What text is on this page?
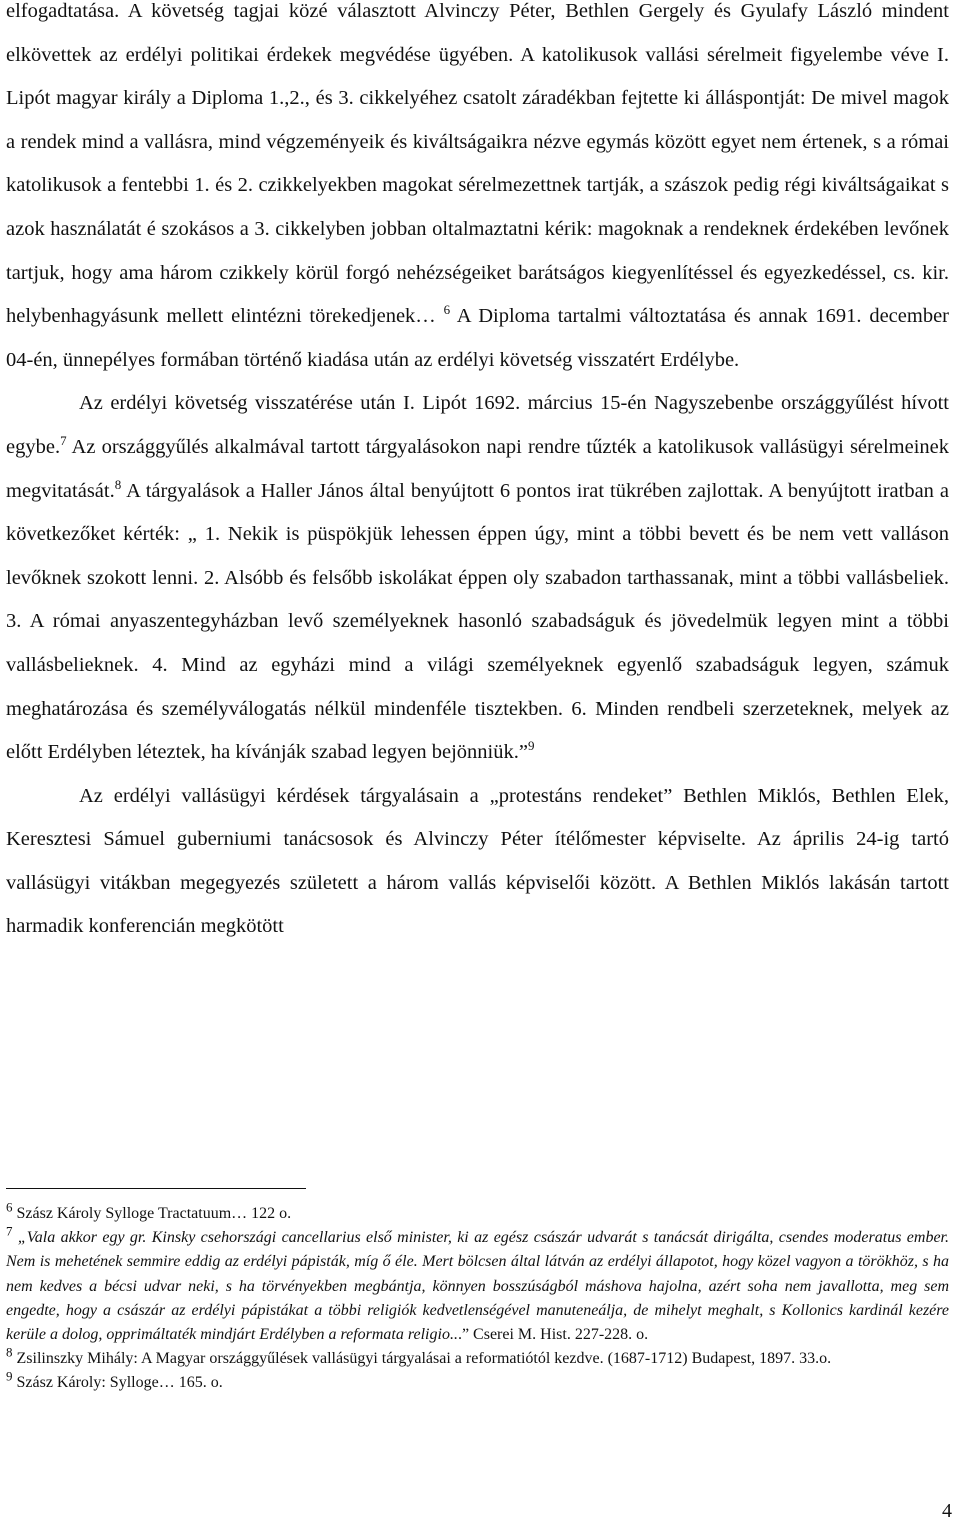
elfogadtatása. A követség tagjai közé választott Alvinczy Péter, Bethlen Gergely és Gyulafy László mindent elkövettek az erdélyi politikai érdekek megvédése ügyében. A katolikusok vallási sérelmeit figyelembe véve I. Lipót magyar király a Diploma 1.,2., és 3. cikkelyéhez csatolt záradékban fejtette ki álláspontját: De mivel magok a rendek mind a vallásra, mind végzeményeik és kiváltságaikra nézve egymás között egyet nem értenek, s a római katolikusok a fentebbi 1. és 2. czikkelyekben magokat sérelmezettnek tartják, a szászok pedig régi kiváltságaikat s azok használatát é szokásos a 3. cikkelyben jobban oltalmaztatni kérik: magoknak a rendeknek érdekében levőnek tartjuk, hogy ama három czikkely körül forgó nehézségeiket barátságos kiegyenlítéssel és egyezkedéssel, cs. kir. helybenhagyásunk mellett elintézni törekedjenek… $^6$ A Diploma tartalmi változtatása és annak 1691. december 04-én, ünnepélyes formában történő kiadása után az erdélyi követség visszatért Erdélybe.

Az erdélyi követség visszatérése után I. Lipót 1692. március 15-én Nagyszebenbe országgyűlést hívott egybe.$^7$ Az országgyűlés alkalmával tartott tárgyalásokon napi rendre tűzték a katolikusok vallásügyi sérelmeinek megvitatását.$^8$ A tárgyalások a Haller János által benyújtott 6 pontos irat tükrében zajlottak. A benyújtott iratban a következőket kérték: „ 1. Nekik is püspökjük lehessen éppen úgy, mint a többi bevett és be nem vett valláson levőknek szokott lenni. 2. Alsóbb és felsőbb iskolákat éppen oly szabadon tarthassanak, mint a többi vallásbeliek. 3. A római anyaszentegyházban levő személyeknek hasonló szabadságuk és jövedelmük legyen mint a többi vallásbelieknek. 4. Mind az egyházi mind a világi személyeknek egyenlő szabadságuk legyen, számuk meghatározása és személyválogatás nélkül mindenféle tisztekben. 6. Minden rendbeli szerzeteknek, melyek az előtt Erdélyben léteztek, ha kívánják szabad legyen bejönniük.”$^9$

Az erdélyi vallásügyi kérdések tárgyalásain a „protestáns rendeket” Bethlen Miklós, Bethlen Elek, Keresztesi Sámuel guberniumi tanácsosok és Alvinczy Péter ítélőmester képviselte. Az április 24-ig tartó vallásügyi vitákban megegyezés született a három vallás képviselői között. A Bethlen Miklós lakásán tartott harmadik konferencián megkötött

$^6$ Szász Károly Sylloge Tractatuum… 122 o.

$^7$ „Vala akkor egy gr. Kinsky csehországi cancellarius első minister, ki az egész császár udvarát s tanácsát dirigálta, csendes moderatus ember. Nem is mehetének semmire eddig az erdélyi pápisták, míg ő éle. Mert bölcsen által látván az erdélyi állapotot, hogy közel vagyon a törökhöz, s ha nem kedves a bécsi udvar neki, s ha törvényekben megbántja, könnyen bosszúságból máshova hajolna, azért soha nem javallotta, meg sem engedte, hogy a császár az erdélyi pápistákat a többi religiók kedvetlenségével manuteneálja, de mihelyt meghalt, s Kollonics kardinál kezére kerüle a dolog, opprimáltaték mindjárt Erdélyben a reformata religio...” Cserei M. Hist. 227-228. o.

$^8$ Zsilinszky Mihály: A Magyar országgyűlések vallásügyi tárgyalásai a reformatiótól kezdve. (1687-1712) Budapest, 1897. 33.o.

$^9$ Szász Károly: Sylloge… 165. o.

4
